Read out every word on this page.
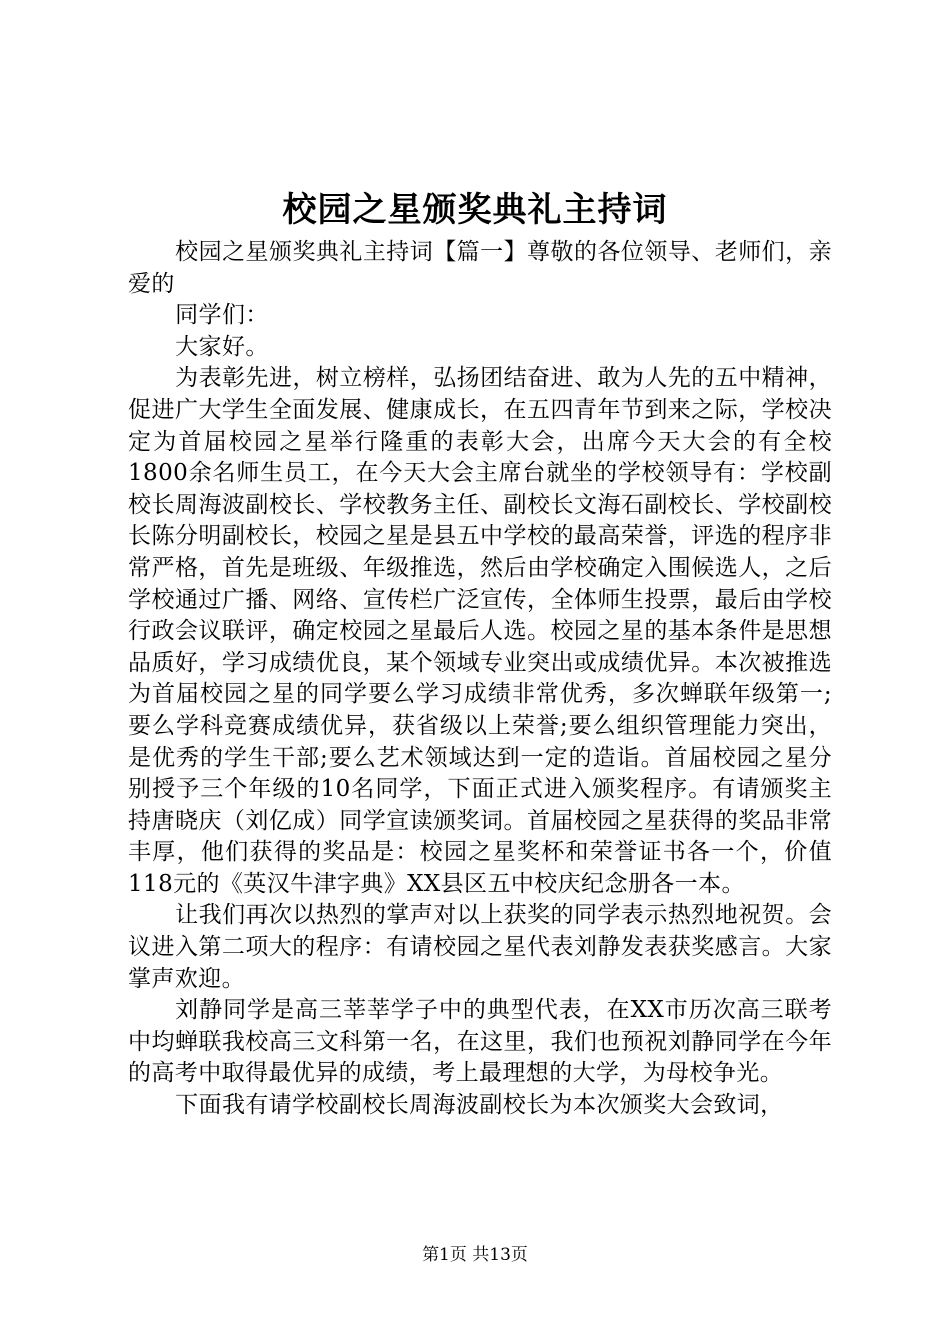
校园之星颁奖典礼主持词

校园之星颁奖典礼主持词【篇一】尊敬的各位领导、老师们，亲爱的

同学们：

大家好。

为表彰先进，树立榜样，弘扬团结奋进、敢为人先的五中精神，促进广大学生全面发展、健康成长，在五四青年节到来之际，学校决定为首届校园之星举行隆重的表彰大会，出席今天大会的有全校1800余名师生员工，在今天大会主席台就坐的学校领导有：学校副校长周海波副校长、学校教务主任、副校长文海石副校长、学校副校长陈分明副校长，校园之星是县五中学校的最高荣誉，评选的程序非常严格，首先是班级、年级推选，然后由学校确定入围候选人，之后学校通过广播、网络、宣传栏广泛宣传，全体师生投票，最后由学校行政会议联评，确定校园之星最后人选。校园之星的基本条件是思想品质好，学习成绩优良，某个领域专业突出或成绩优异。本次被推选为首届校园之星的同学要么学习成绩非常优秀，多次蝉联年级第一;要么学科竞赛成绩优异，获省级以上荣誉;要么组织管理能力突出，是优秀的学生干部;要么艺术领域达到一定的造诣。首届校园之星分别授予三个年级的10名同学，下面正式进入颁奖程序。有请颁奖主持唐晓庆（刘亿成）同学宣读颁奖词。首届校园之星获得的奖品非常丰厚，他们获得的奖品是：校园之星奖杯和荣誉证书各一个，价值118元的《英汉牛津字典》XX县区五中校庆纪念册各一本。

让我们再次以热烈的掌声对以上获奖的同学表示热烈地祝贺。会议进入第二项大的程序：有请校园之星代表刘静发表获奖感言。大家掌声欢迎。

刘静同学是高三莘莘学子中的典型代表，在XX市历次高三联考中均蝉联我校高三文科第一名，在这里，我们也预祝刘静同学在今年的高考中取得最优异的成绩，考上最理想的大学，为母校争光。

下面我有请学校副校长周海波副校长为本次颁奖大会致词，

第1页 共13页
